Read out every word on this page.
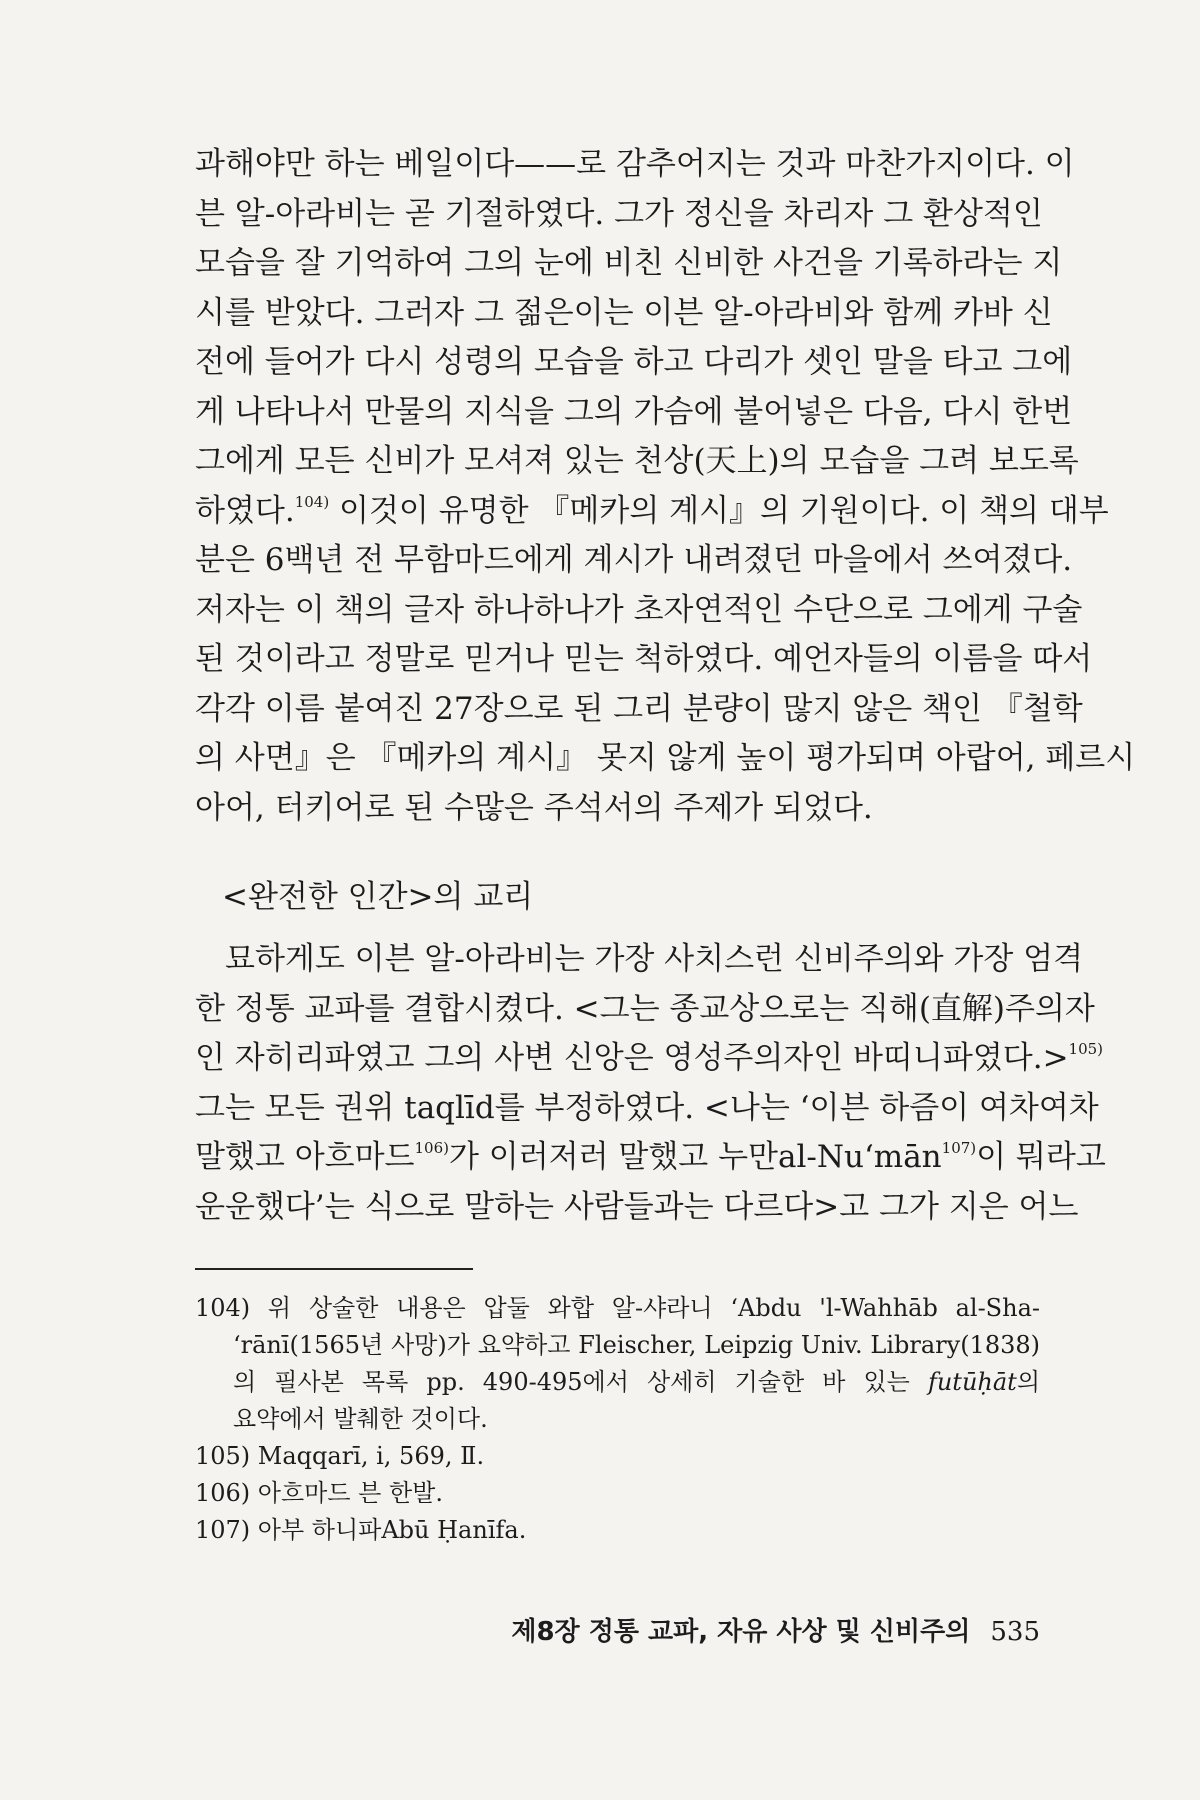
과해야만 하는 베일이다——로 감추어지는 것과 마찬가지이다. 이

븐 알-아라비는 곧 기절하였다. 그가 정신을 차리자 그 환상적인

모습을 잘 기억하여 그의 눈에 비친 신비한 사건을 기록하라는 지

시를 받았다. 그러자 그 젊은이는 이븐 알-아라비와 함께 카바 신

전에 들어가 다시 성령의 모습을 하고 다리가 셋인 말을 타고 그에

게 나타나서 만물의 지식을 그의 가슴에 불어넣은 다음, 다시 한번

그에게 모든 신비가 모셔져 있는 천상(天上)의 모습을 그려 보도록

하였다.$^{104)}$ 이것이 유명한 『메카의 계시』의 기원이다. 이 책의 대부

분은 6백년 전 무함마드에게 계시가 내려졌던 마을에서 쓰여졌다.

저자는 이 책의 글자 하나하나가 초자연적인 수단으로 그에게 구술

된 것이라고 정말로 믿거나 믿는 척하였다. 예언자들의 이름을 따서

각각 이름 붙여진 27장으로 된 그리 분량이 많지 않은 책인 『철학

의 사면』은 『메카의 계시』 못지 않게 높이 평가되며 아랍어, 페르시

아어, 터키어로 된 수많은 주석서의 주제가 되었다.

<완전한 인간>의 교리

묘하게도 이븐 알-아라비는 가장 사치스런 신비주의와 가장 엄격

한 정통 교파를 결합시켰다. <그는 종교상으로는 직해(直解)주의자

인 자히리파였고 그의 사변 신앙은 영성주의자인 바띠니파였다.>$^{105)}$

그는 모든 권위 taqlīd를 부정하였다. <나는 ‘이븐 하즘이 여차여차

말했고 아흐마드$^{106)}$가 이러저러 말했고 누만al-Nu‘mān$^{107)}$이 뭐라고

운운했다’는 식으로 말하는 사람들과는 다르다>고 그가 지은 어느

104) 위 상술한 내용은 압둘 와합 알-샤라니 ‘Abdu 'l-Wahhāb al-Sha-

‘rānī(1565년 사망)가 요약하고 Fleischer, Leipzig Univ. Library(1838)

의 필사본 목록 pp. 490-495에서 상세히 기술한 바 있는 futūḥāt의

요약에서 발췌한 것이다.

105) Maqqarī, i, 569, Ⅱ.

106) 아흐마드 븐 한발.

107) 아부 하니파Abū Ḥanīfa.

제8장 정통 교파, 자유 사상 및 신비주의 535
